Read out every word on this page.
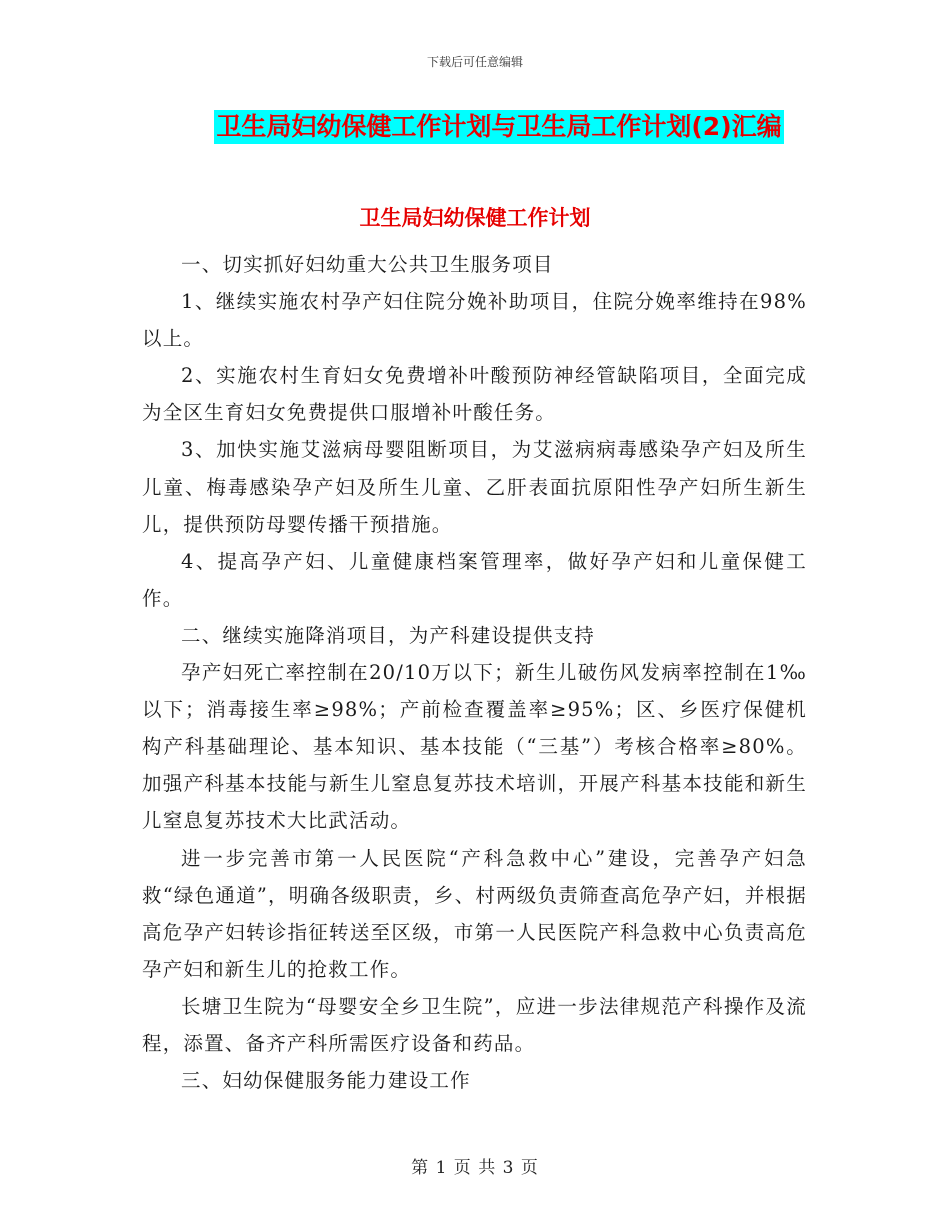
下载后可任意编辑
卫生局妇幼保健工作计划与卫生局工作计划(2)汇编
卫生局妇幼保健工作计划

一、切实抓好妇幼重大公共卫生服务项目

1、继续实施农村孕产妇住院分娩补助项目，住院分娩率维持在98%以上。

2、实施农村生育妇女免费增补叶酸预防神经管缺陷项目，全面完成为全区生育妇女免费提供口服增补叶酸任务。

3、加快实施艾滋病母婴阻断项目，为艾滋病病毒感染孕产妇及所生儿童、梅毒感染孕产妇及所生儿童、乙肝表面抗原阳性孕产妇所生新生儿，提供预防母婴传播干预措施。

4、提高孕产妇、儿童健康档案管理率，做好孕产妇和儿童保健工作。

二、继续实施降消项目，为产科建设提供支持

孕产妇死亡率控制在20/10万以下；新生儿破伤风发病率控制在1‰以下；消毒接生率≥98%；产前检查覆盖率≥95%；区、乡医疗保健机构产科基础理论、基本知识、基本技能（“三基”）考核合格率≥80%。加强产科基本技能与新生儿窒息复苏技术培训，开展产科基本技能和新生儿窒息复苏技术大比武活动。

进一步完善市第一人民医院“产科急救中心”建设，完善孕产妇急救“绿色通道”，明确各级职责，乡、村两级负责筛查高危孕产妇，并根据高危孕产妇转诊指征转送至区级，市第一人民医院产科急救中心负责高危孕产妇和新生儿的抢救工作。

长塘卫生院为“母婴安全乡卫生院”，应进一步法律规范产科操作及流程，添置、备齐产科所需医疗设备和药品。

三、妇幼保健服务能力建设工作

第 1 页 共 3 页
